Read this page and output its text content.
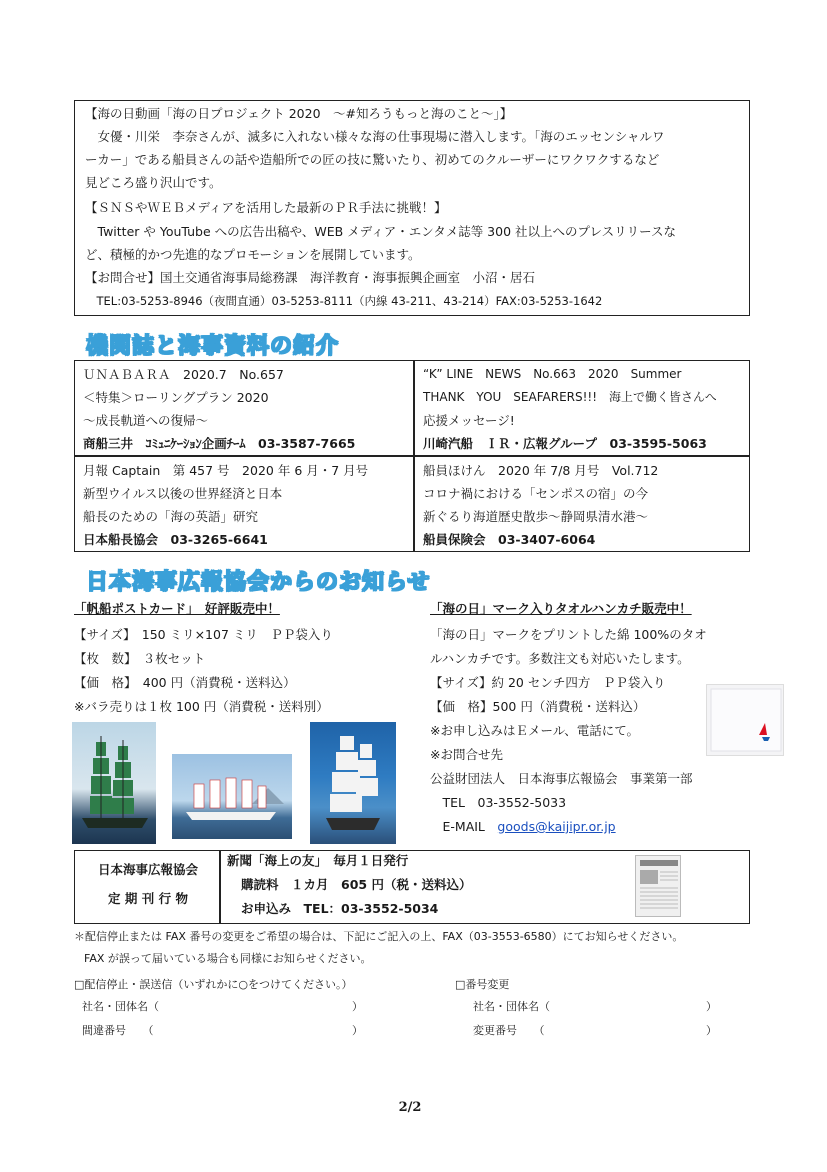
【海の日動画「海の日プロジェクト 2020　～#知ろうもっと海のこと～」】
　女優・川栄　李奈さんが、滅多に入れない様々な海の仕事現場に潜入します。「海のエッセンシャルワ
ーカー」である船員さんの話や造船所での匠の技に驚いたり、初めてのクルーザーにワクワクするなど
見どころ盛り沢山です。
【ＳＮＳやＷＥＢメディアを活用した最新のＰＲ手法に挑戦！】
　Twitter や YouTube への広告出稿や、WEB メディア・エンタメ誌等 300 社以上へのプレスリリースな
ど、積極的かつ先進的なプロモーションを展開しています。
【お問合せ】国土交通省海事局総務課　海洋教育・海事振興企画室　小沼・居石
　TEL:03-5253-8946（夜間直通）03-5253-8111（内線 43-211、43-214）FAX:03-5253-1642
機関誌と海事資料の紹介
ＵＮＡＢＡＲＡ　2020.7　No.657
＜特集＞ローリングプラン 2020
～成長軌道への復帰～
商船三井　ｺﾐｭﾆｹｰｼｮﾝ企画ﾁｰﾑ　03-3587-7665
“K” LINE　NEWS　No.663　2020　Summer
THANK　YOU　SEAFARERS!!!　海上で働く皆さんへ
応援メッセージ!
川崎汽船　ＩＲ・広報グループ　03-3595-5063
月報 Captain　第 457 号　2020 年 6 月・7 月号
新型ウイルス以後の世界経済と日本
船長のための「海の英語」研究
日本船長協会　03-3265-6641
船員ほけん　2020 年 7/8 月号　Vol.712
コロナ禍における「センポスの宿」の今
新ぐるり海道歴史散歩～静岡県清水港～
船員保険会　03-3407-6064
日本海事広報協会からのお知らせ
「帆船ポストカード」　好評販売中！
【サイズ】　150 ミリ×107 ミリ　ＰＰ袋入り
【枚　数】　３枚セット
【価　格】　400 円（消費税・送料込）
※バラ売りは１枚 100 円（消費税・送料別）
「海の日」マーク入りタオルハンカチ販売中！
「海の日」マークをプリントした綿 100%のタオ
ルハンカチです。多数注文も対応いたします。
【サイズ】約 20 センチ四方　ＰＰ袋入り
【価　格】500 円（消費税・送料込）
※お申し込みはＥメール、電話にて。
※お問合せ先
公益財団法人　日本海事広報協会　事業第一部
　TEL　03-3552-5033
　E-MAIL　goods@kaijipr.or.jp
日本海事広報協会
定 期 刊 行 物
新聞「海上の友」　毎月１日発行
購読料　１カ月　605 円（税・送料込）
お申込み　TEL：03-3552-5034
＊配信停止または FAX 番号の変更をご希望の場合は、下記にご記入の上、FAX（03-3553-6580）にてお知らせください。
FAX が誤って届いている場合も同様にお知らせください。
□配信停止・誤送信（いずれかに○をつけてください。）	□番号変更
社名・団体名（	）
間違番号　　（	）
社名・団体名（	）
変更番号　　（	）
2/2
